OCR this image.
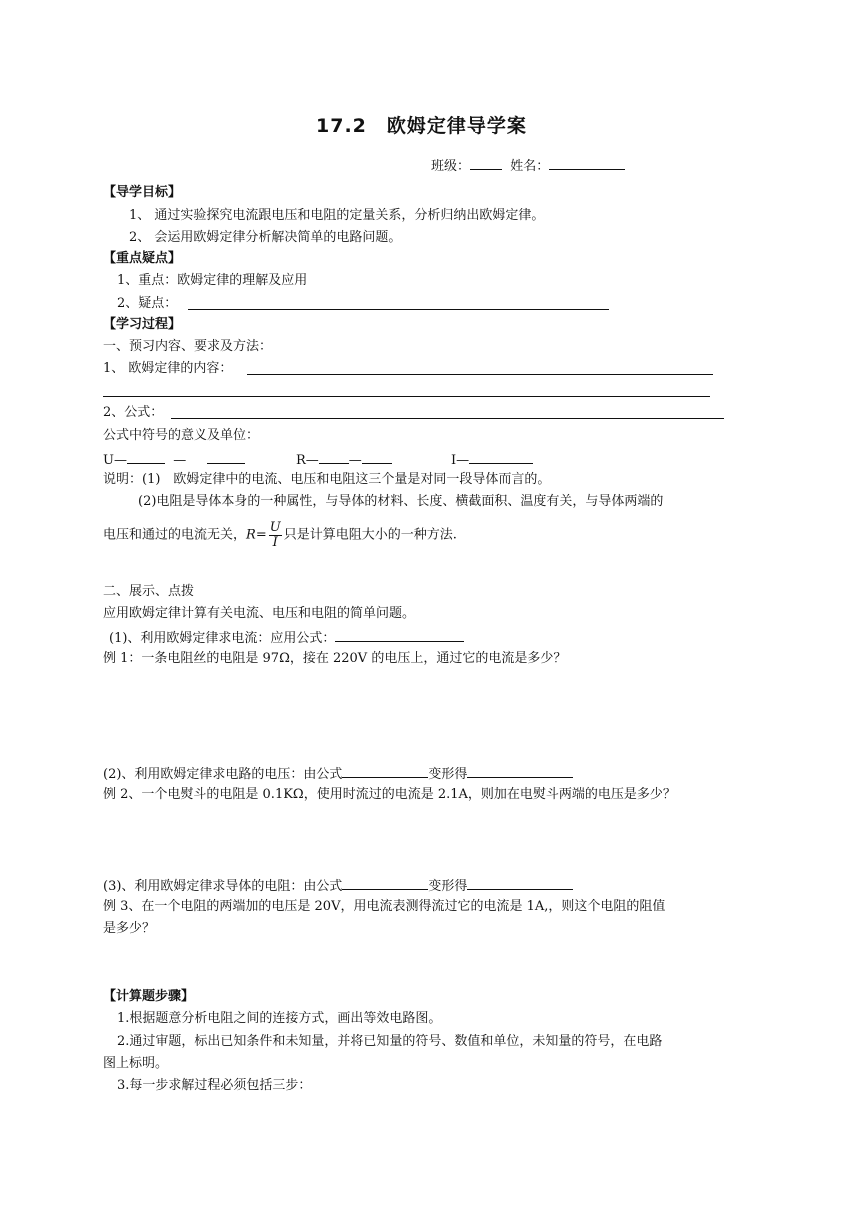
17.2　欧姆定律导学案
班级：	姓名：
【导学目标】
1、 通过实验探究电流跟电压和电阻的定量关系，分析归纳出欧姆定律。
2、 会运用欧姆定律分析解决简单的电路问题。
【重点疑点】
1、重点：欧姆定律的理解及应用
2、疑点：
【学习过程】
一、预习内容、要求及方法：
1、 欧姆定律的内容：
2、公式：
公式中符号的意义及单位：
U—	—	R— —	I—
说明：(1)　欧姆定律中的电流、电压和电阻这三个量是对同一段导体而言的。
(2)电阻是导体本身的一种属性，与导体的材料、长度、横截面积、温度有关，与导体两端的
电压和通过的电流无关，$R= \frac{U}{I}$ 只是计算电阻大小的一种方法.
二、展示、点拨
应用欧姆定律计算有关电流、电压和电阻的简单问题。
(1)、利用欧姆定律求电流：应用公式：
例 1：一条电阻丝的电阻是 97Ω，接在 220V 的电压上，通过它的电流是多少？
(2)、利用欧姆定律求电路的电压：由公式	变形得
例 2、一个电熨斗的电阻是 0.1KΩ，使用时流过的电流是 2.1A，则加在电熨斗两端的电压是多少？
(3)、利用欧姆定律求导体的电阻：由公式	变形得
例 3、在一个电阻的两端加的电压是 20V，用电流表测得流过它的电流是 1A,，则这个电阻的阻值
是多少？
【计算题步骤】
1.根据题意分析电阻之间的连接方式，画出等效电路图。
2.通过审题，标出已知条件和未知量，并将已知量的符号、数值和单位，未知量的符号，在电路
图上标明。
3.每一步求解过程必须包括三步：
